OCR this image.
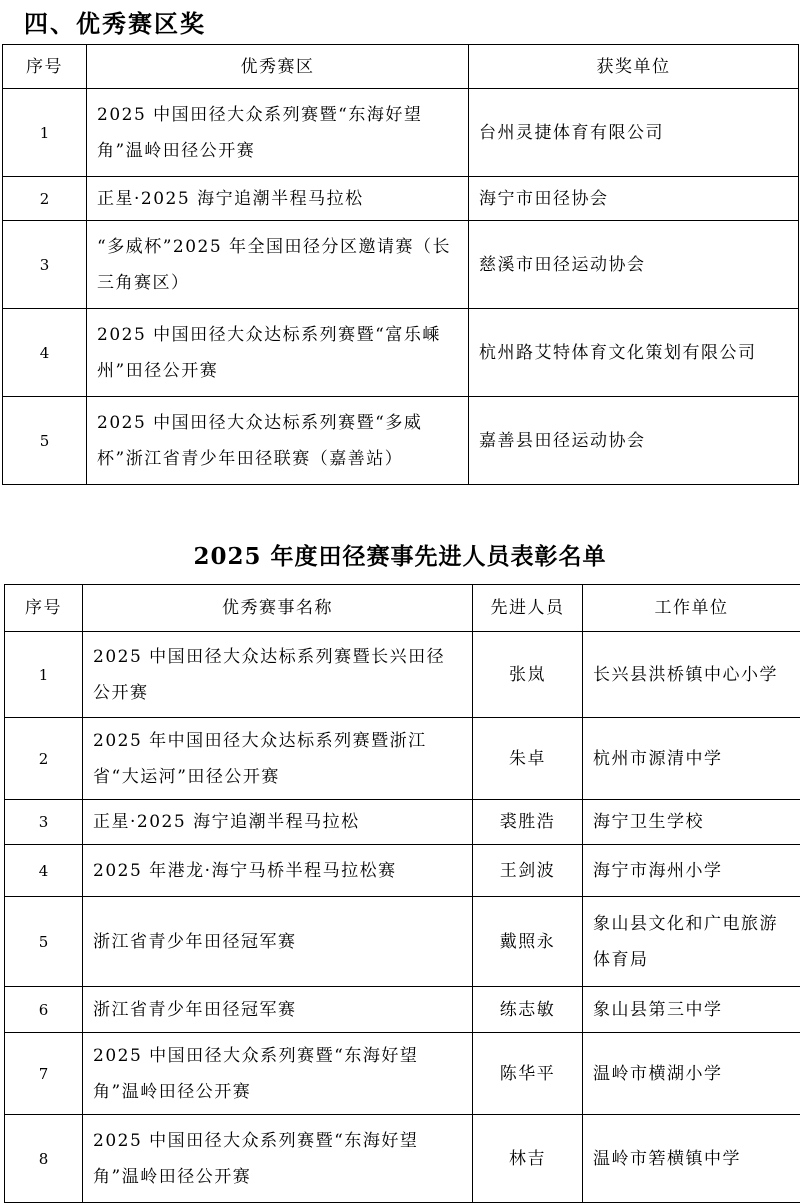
四、优秀赛区奖
序号	优秀赛区	获奖单位
1	2025 中国田径大众系列赛暨“东海好望角”温岭田径公开赛	台州灵捷体育有限公司
2	正星·2025 海宁追潮半程马拉松	海宁市田径协会
3	“多威杯”2025 年全国田径分区邀请赛（长三角赛区）	慈溪市田径运动协会
4	2025 中国田径大众达标系列赛暨“富乐嵊州”田径公开赛	杭州路艾特体育文化策划有限公司
5	2025 中国田径大众达标系列赛暨“多威杯”浙江省青少年田径联赛（嘉善站）	嘉善县田径运动协会
2025 年度田径赛事先进人员表彰名单
序号	优秀赛事名称	先进人员	工作单位
1	2025 中国田径大众达标系列赛暨长兴田径公开赛	张岚	长兴县洪桥镇中心小学
2	2025 年中国田径大众达标系列赛暨浙江省“大运河”田径公开赛	朱卓	杭州市源清中学
3	正星·2025 海宁追潮半程马拉松	裘胜浩	海宁卫生学校
4	2025 年港龙·海宁马桥半程马拉松赛	王剑波	海宁市海州小学
5	浙江省青少年田径冠军赛	戴照永	象山县文化和广电旅游体育局
6	浙江省青少年田径冠军赛	练志敏	象山县第三中学
7	2025 中国田径大众系列赛暨“东海好望角”温岭田径公开赛	陈华平	温岭市横湖小学
8	2025 中国田径大众系列赛暨“东海好望角”温岭田径公开赛	林吉	温岭市箬横镇中学
